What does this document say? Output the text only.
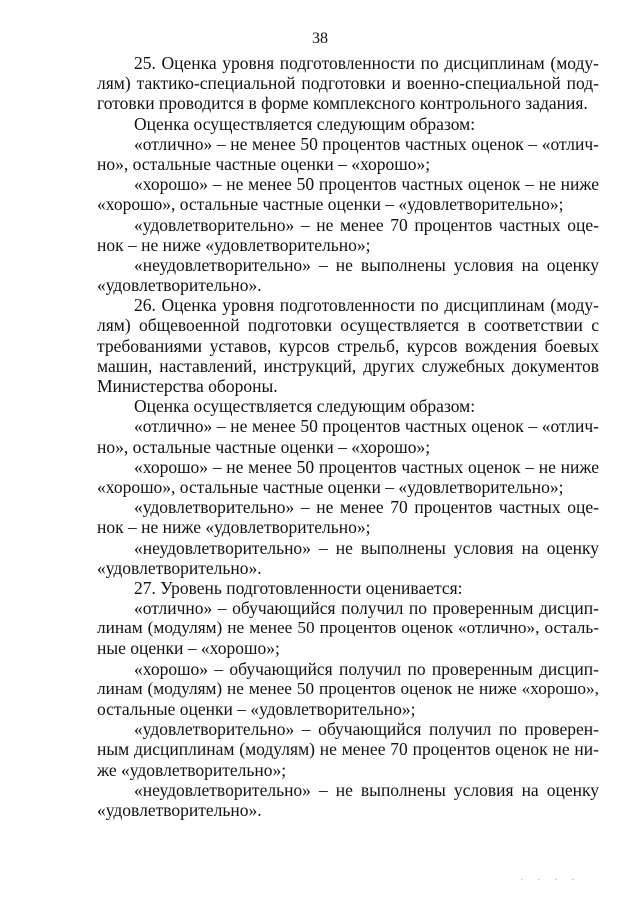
38
25. Оценка уровня подготовленности по дисциплинам (моду-
лям) тактико-специальной подготовки и военно-специальной под-
готовки проводится в форме комплексного контрольного задания.
Оценка осуществляется следующим образом:
«отлично» – не менее 50 процентов частных оценок – «отлич-
но», остальные частные оценки – «хорошо»;
«хорошо» – не менее 50 процентов частных оценок – не ниже
«хорошо», остальные частные оценки – «удовлетворительно»;
«удовлетворительно» – не менее 70 процентов частных оце-
нок – не ниже «удовлетворительно»;
«неудовлетворительно» – не выполнены условия на оценку
«удовлетворительно».
26. Оценка уровня подготовленности по дисциплинам (моду-
лям) общевоенной подготовки осуществляется в соответствии с
требованиями уставов, курсов стрельб, курсов вождения боевых
машин, наставлений, инструкций, других служебных документов
Министерства обороны.
Оценка осуществляется следующим образом:
«отлично» – не менее 50 процентов частных оценок – «отлич-
но», остальные частные оценки – «хорошо»;
«хорошо» – не менее 50 процентов частных оценок – не ниже
«хорошо», остальные частные оценки – «удовлетворительно»;
«удовлетворительно» – не менее 70 процентов частных оце-
нок – не ниже «удовлетворительно»;
«неудовлетворительно» – не выполнены условия на оценку
«удовлетворительно».
27. Уровень подготовленности оценивается:
«отлично» – обучающийся получил по проверенным дисцип-
линам (модулям) не менее 50 процентов оценок «отлично», осталь-
ные оценки – «хорошо»;
«хорошо» – обучающийся получил по проверенным дисцип-
линам (модулям) не менее 50 процентов оценок не ниже «хорошо»,
остальные оценки – «удовлетворительно»;
«удовлетворительно» – обучающийся получил по проверен-
ным дисциплинам (модулям) не менее 70 процентов оценок не ни-
же «удовлетворительно»;
«неудовлетворительно» – не выполнены условия на оценку
«удовлетворительно».
. . . .
